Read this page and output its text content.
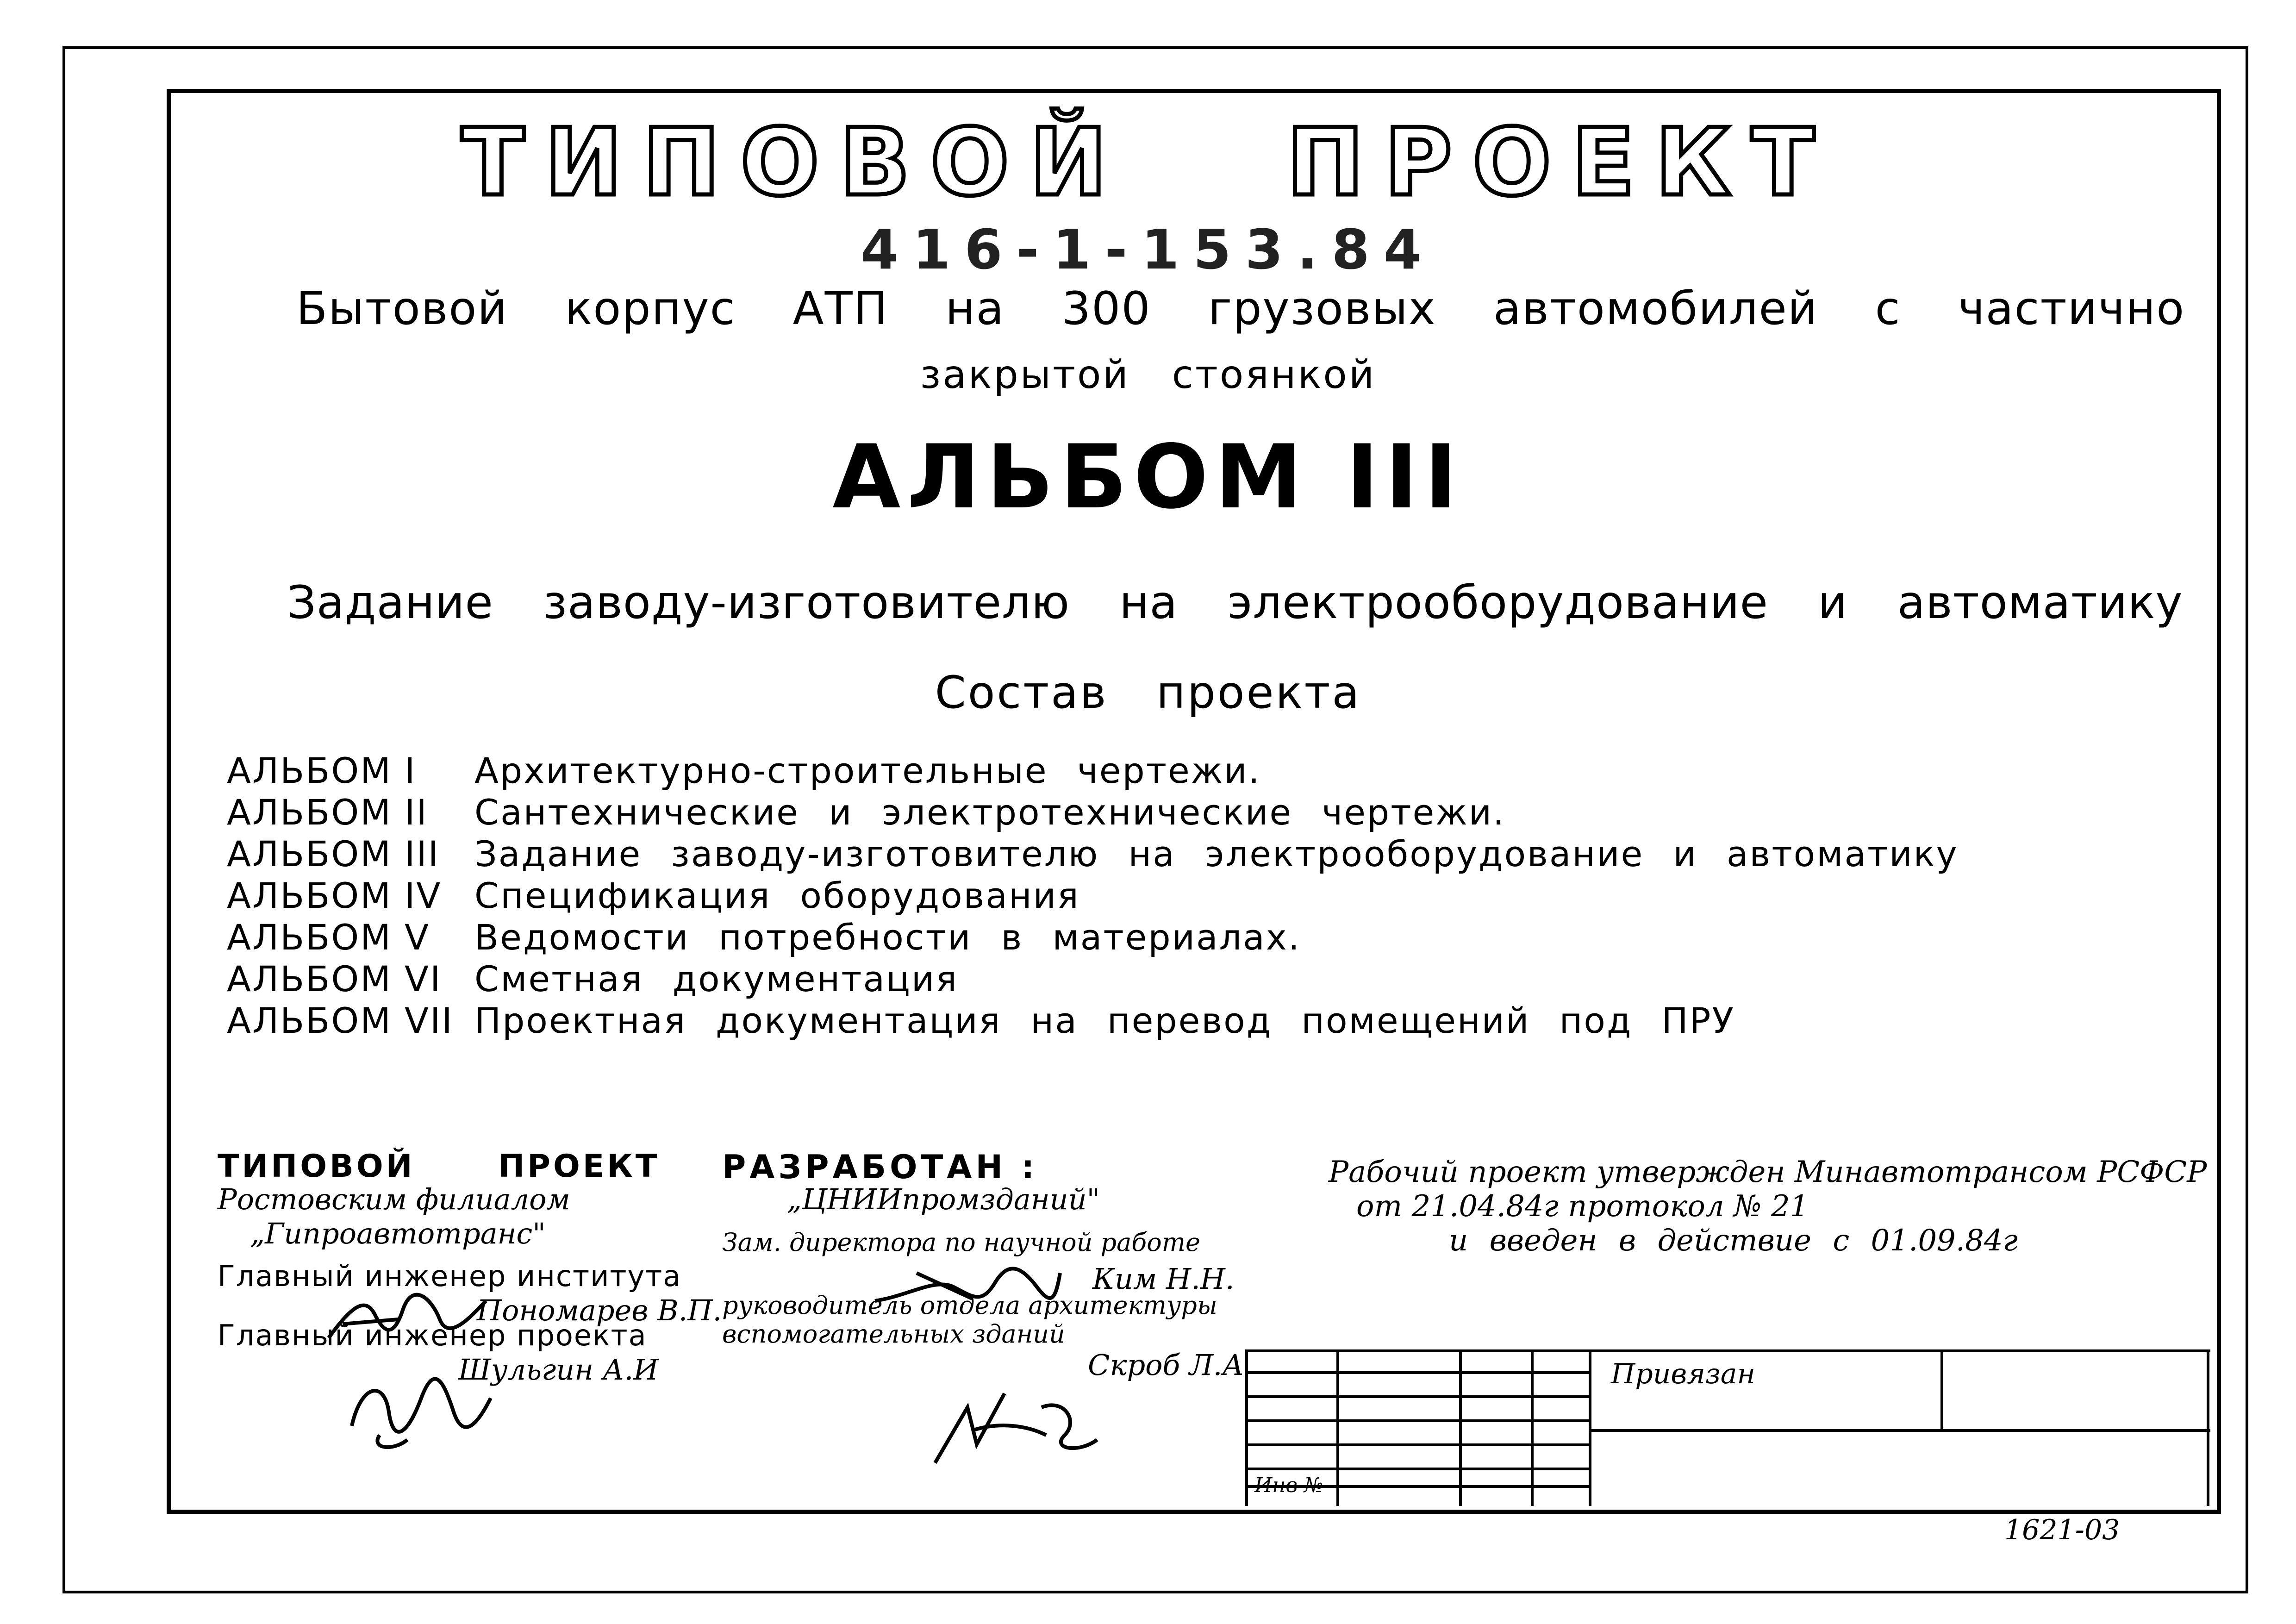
ТИПОВОЙ ПРОЕКТ
416-1-153.84
Бытовой корпус АТП на 300 грузовых автомобилей с частично
закрытой стоянкой
АЛЬБОМ III
Задание заводу-изготовителю на электрооборудование и автоматику
Состав проекта
АЛЬБОМ I Архитектурно-строительные чертежи.
АЛЬБОМ II Сантехнические и электротехнические чертежи.
АЛЬБОМ III Задание заводу-изготовителю на электрооборудование и автоматику
АЛЬБОМ IV Спецификация оборудования
АЛЬБОМ V Ведомости потребности в материалах.
АЛЬБОМ VI Сметная документация
АЛЬБОМ VII Проектная документация на перевод помещений под ПРУ
ТИПОВОЙ	ПРОЕКТ
Ростовским филиалом
„Гипроавтотранс"
Главный инженер института
Пономарев В.П.
Главный инженер проекта
Шульгин А.И
РАЗРАБОТАН :
„ЦНИИпромзданий"
Зам. директора по научной работе
Ким Н.Н.
руководитель отдела архитектуры
вспомогательных зданий
Скроб Л.А
Рабочий проект утвержден Минавтотрансом РСФСР
от 21.04.84г протокол № 21
и введен в действие с 01.09.84г
Привязан
Инв №
1621-03
